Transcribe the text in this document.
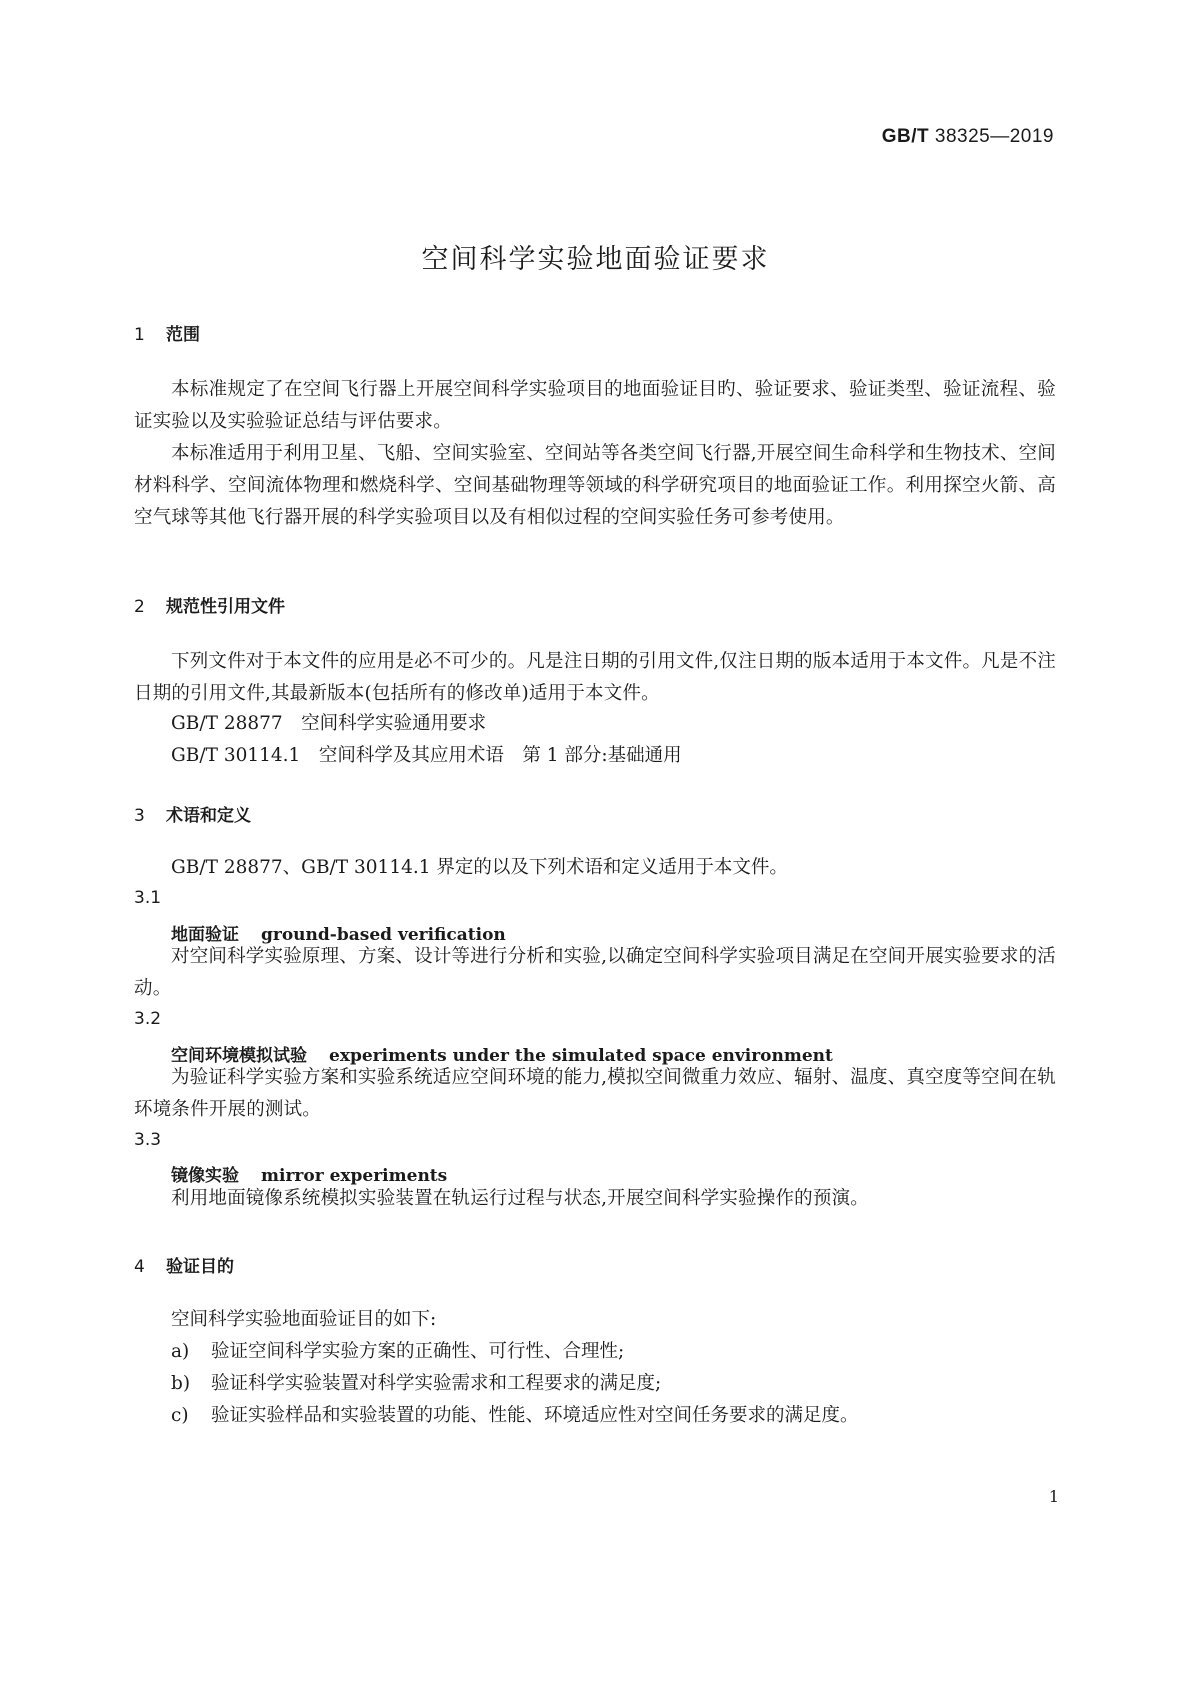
GB/T 38325—2019
空间科学实验地面验证要求
1 范围

本标准规定了在空间飞行器上开展空间科学实验项目的地面验证目旳、验证要求、验证类型、验证流程、验证实验以及实验验证总结与评估要求。

本标准适用于利用卫星、飞船、空间实验室、空间站等各类空间飞行器,开展空间生命科学和生物技术、空间材料科学、空间流体物理和燃烧科学、空间基础物理等领域的科学研究项目的地面验证工作。利用探空火箭、高空气球等其他飞行器开展的科学实验项目以及有相似过程的空间实验任务可参考使用。

2 规范性引用文件

下列文件对于本文件的应用是必不可少的。凡是注日期的引用文件,仅注日期的版本适用于本文件。凡是不注日期的引用文件,其最新版本(包括所有的修改单)适用于本文件。

GB/T 28877　空间科学实验通用要求
GB/T 30114.1　空间科学及其应用术语　第 1 部分:基础通用
3 术语和定义
GB/T 28877、GB/T 30114.1 界定的以及下列术语和定义适用于本文件。
3.1
地面验证 ground-based verification

对空间科学实验原理、方案、设计等进行分析和实验,以确定空间科学实验项目满足在空间开展实验要求的活动。

3.2
空间环境模拟试验 experiments under the simulated space environment

为验证科学实验方案和实验系统适应空间环境的能力,模拟空间微重力效应、辐射、温度、真空度等空间在轨环境条件开展的测试。

3.3
镜像实验 mirror experiments

利用地面镜像系统模拟实验装置在轨运行过程与状态,开展空间科学实验操作的预演。

4 验证目的
空间科学实验地面验证目的如下:
a) 验证空间科学实验方案的正确性、可行性、合理性;
b) 验证科学实验装置对科学实验需求和工程要求的满足度;
c) 验证实验样品和实验装置的功能、性能、环境适应性对空间任务要求的满足度。
1
